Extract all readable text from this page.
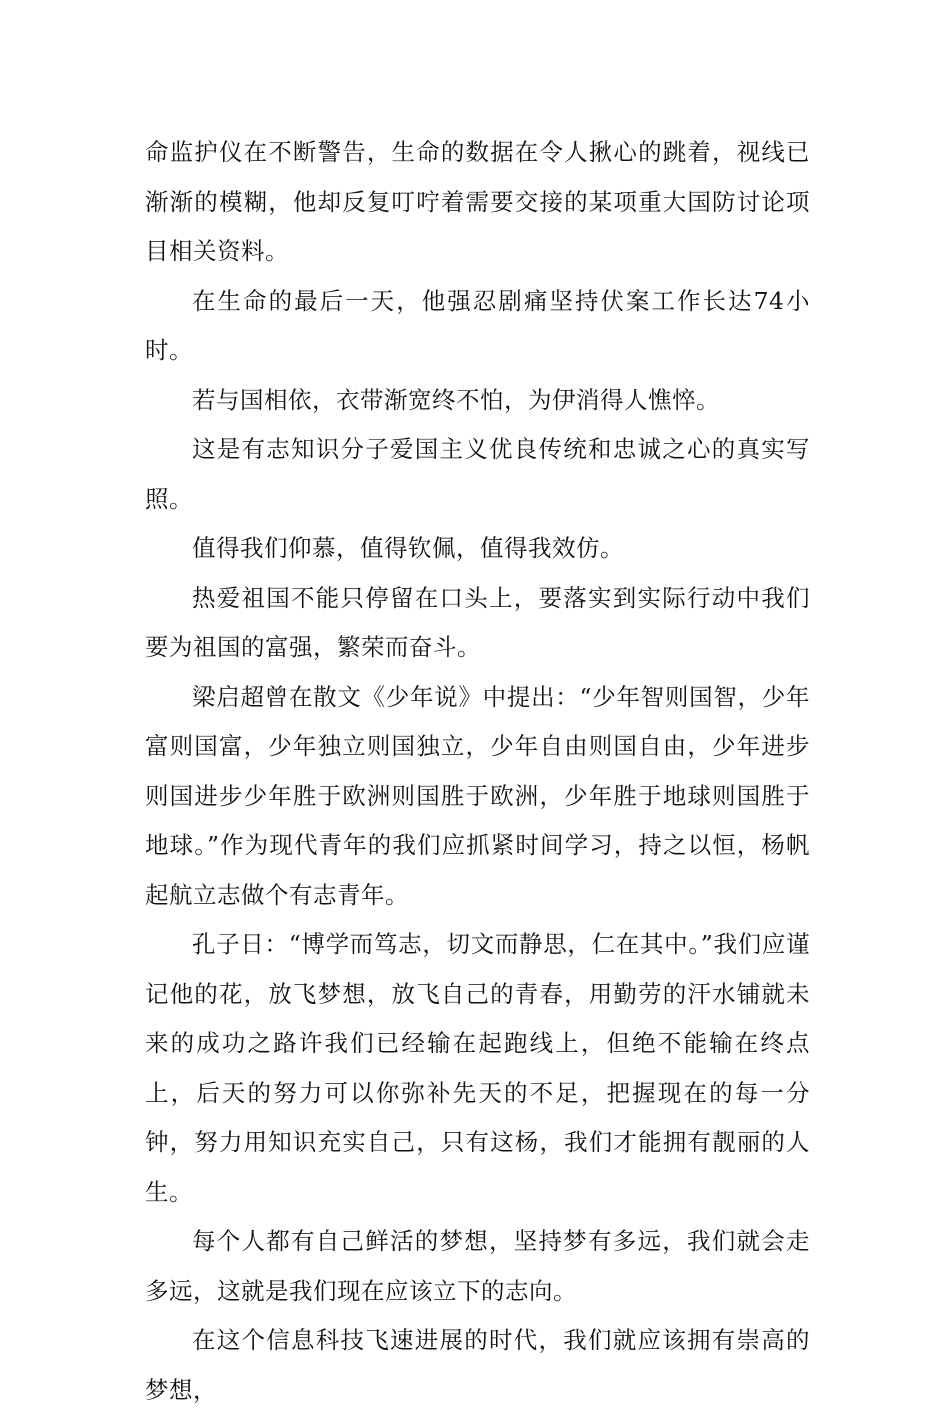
命监护仪在不断警告，生命的数据在令人揪心的跳着，视线已渐渐的模糊，他却反复叮咛着需要交接的某项重大国防讨论项目相关资料。

在生命的最后一天，他强忍剧痛坚持伏案工作长达74小时。

若与国相依，衣带渐宽终不怕，为伊消得人憔悴。

这是有志知识分子爱国主义优良传统和忠诚之心的真实写照。

值得我们仰慕，值得钦佩，值得我效仿。

热爱祖国不能只停留在口头上，要落实到实际行动中我们要为祖国的富强，繁荣而奋斗。

梁启超曾在散文《少年说》中提出：“少年智则国智，少年富则国富，少年独立则国独立，少年自由则国自由，少年进步则国进步少年胜于欧洲则国胜于欧洲，少年胜于地球则国胜于地球。”作为现代青年的我们应抓紧时间学习，持之以恒，杨帆起航立志做个有志青年。

孔子日：“博学而笃志，切文而静思，仁在其中。”我们应谨记他的花，放飞梦想，放飞自己的青春，用勤劳的汗水铺就未来的成功之路许我们已经输在起跑线上，但绝不能输在终点上，后天的努力可以你弥补先天的不足，把握现在的每一分钟，努力用知识充实自己，只有这杨，我们才能拥有靓丽的人生。

每个人都有自己鲜活的梦想，坚持梦有多远，我们就会走多远，这就是我们现在应该立下的志向。

在这个信息科技飞速进展的时代，我们就应该拥有崇高的梦想，
